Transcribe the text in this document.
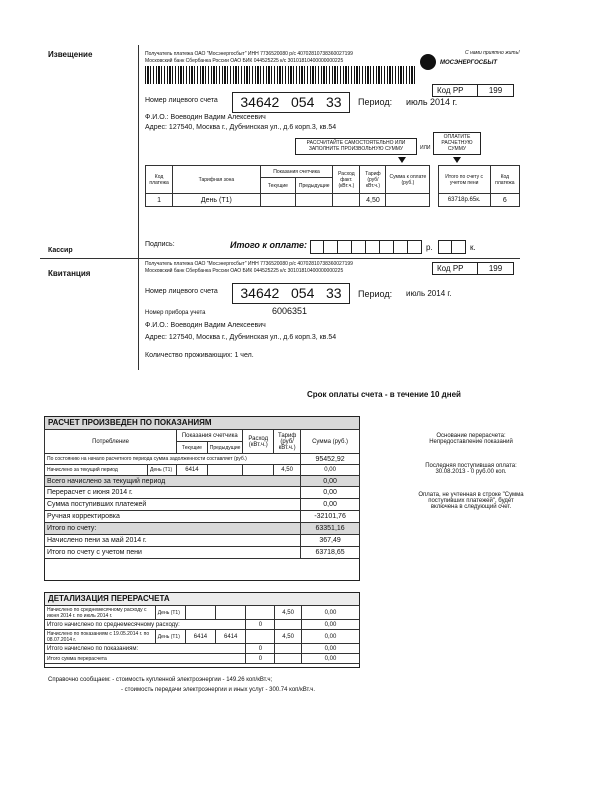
Извещение	Получатель платежа ОАО "Мосэнергосбыт" ИНН 7736520080 р/с 40702810738360027199
Московский банк Сбербанка России ОАО БИК 044525225 к/с 30101810400000000225
С нами приятно жить!
МОСЭНЕРГОСБЫТ
Код РР	199
Номер лицевого счета	34642   054   33	Период: июль 2014 г.
Ф.И.О.: Воеводин Вадим Алексеевич
Адрес: 127540, Москва г., Дубнинская ул., д.6 корп.3, кв.54
РАССЧИТАЙТЕ САМОСТОЯТЕЛЬНО ИЛИ ЗАПОЛНИТЕ ПРОИЗВОЛЬНУЮ СУММУ	ИЛИ
ОПЛАТИТЕ РАСЧЕТНУЮ СУММУ
Код платежа	Тарифная зона	Показания счетчика		Расход факт. (кВт.ч.)	Тариф (руб/ кВт.ч.)	Сумма к оплате (руб.)		Итого по счету с учетом пени	Код платежа
		Текущие	Предыдущие						
1	День (Т1)				4,50			63718р.65к.	6
Кассир
Подпись:	Итого к оплате:	р.	к.
Квитанция
Получатель платежа ОАО "Мосэнергосбыт" ИНН 7736520080 р/с 40702810738360027199
Московский банк Сбербанка России ОАО БИК 044525225 к/с 30101810400000000225	Код РР	199
Номер лицевого счета	34642   054   33	Период: июль 2014 г.
Номер прибора учета	6006351
Ф.И.О.: Воеводин Вадим Алексеевич
Адрес: 127540, Москва г., Дубнинская ул., д.6 корп.3, кв.54
Количество проживающих: 1 чел.
Срок оплаты счета - в течение 10 дней
РАСЧЕТ ПРОИЗВЕДЕН ПО ПОКАЗАНИЯМ
Потребление		Показания счетчика		Расход (кВт.ч.)	Тариф (руб/ кВт.ч.)	Сумма (руб.)
		Текущие	Предыдущие			
По состоянию на начало расчетного периода сумма задолженности составляет (руб.)						95452,92
Начислено за текущий период	День (Т1)	6414			4,50	0,00
Всего начислено за текущий период						0,00
Перерасчет с июня 2014 г.						0,00
Сумма поступивших платежей						0,00
Ручная корректировка						-32101,76
Итого по счету:						63351,16
Начислено пени за май 2014 г.						367,49
Итого по счету с учетом пени						63718,65
Основание перерасчета: Непредоставление показаний
Последняя поступившая оплата: 30.08.2013 - 0 руб.00 коп.
Оплата, не учтенная в строке "Сумма поступивших платежей", будет включена в следующий счет.
ДЕТАЛИЗАЦИЯ ПЕРЕРАСЧЕТА
Начислено по среднемесячному расходу с июня 2014 г. по июль 2014 г.	День (Т1)				4,50	0,00
Итого начислено по среднемесячному расходу:				0		0,00
Начислено по показаниям с 19.05.2014 г. по 08.07.2014 г.	День (Т1)	6414	6414		4,50	0,00
Итого начислено по показаниям:				0		0,00
Итого сумма перерасчета				0		0,00
Справочно сообщаем: - стоимость купленной электроэнергии - 149.26 коп/кВт.ч;
- стоимость передачи электроэнергии и иных услуг - 300.74 коп/кВт.ч.
